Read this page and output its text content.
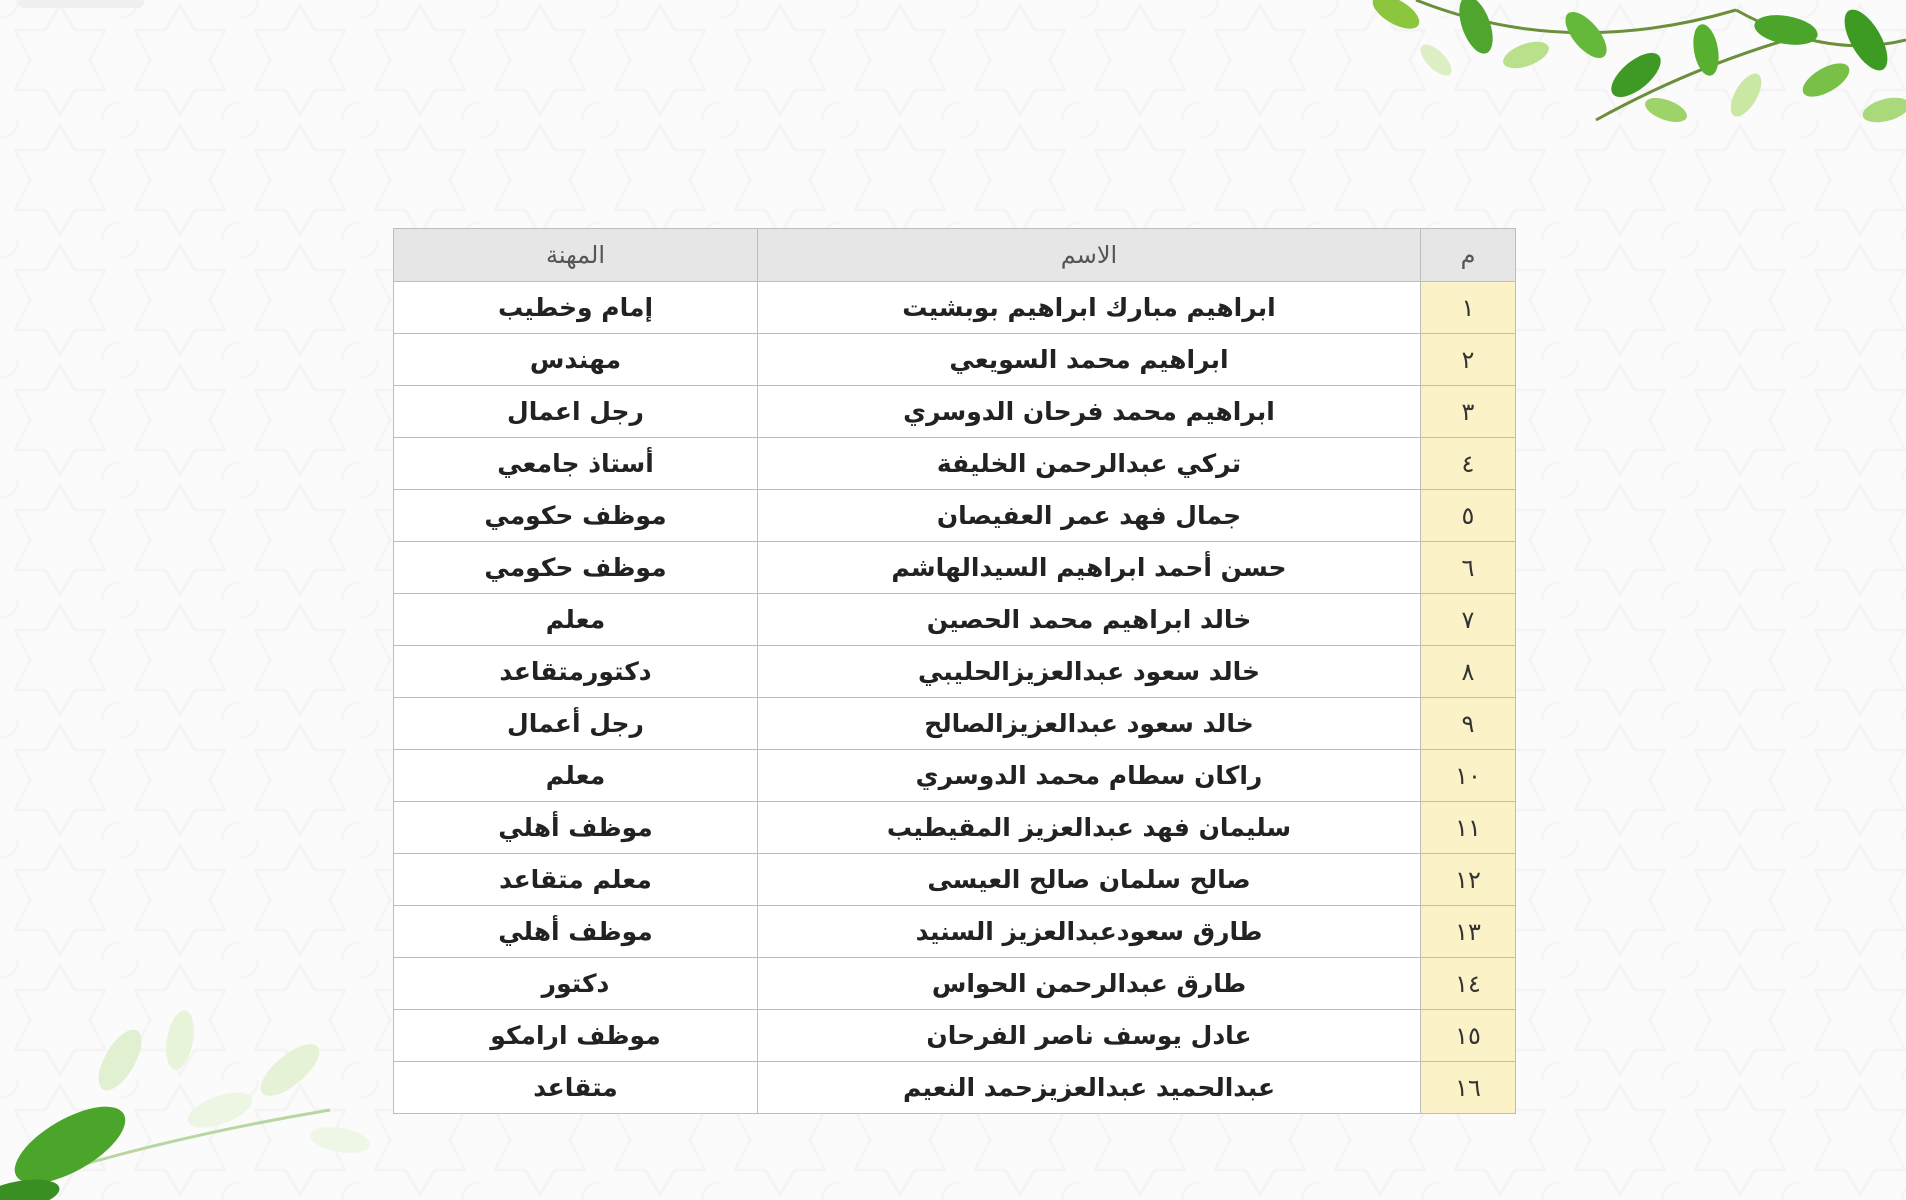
م	الاسم	المهنة
١	ابراهيم مبارك ابراهيم بوبشيت	إمام وخطيب
٢	ابراهيم محمد السويعي	مهندس
٣	ابراهيم محمد فرحان الدوسري	رجل اعمال
٤	تركي عبدالرحمن الخليفة	أستاذ جامعي
٥	جمال فهد عمر العفيصان	موظف حكومي
٦	حسن أحمد ابراهيم السيدالهاشم	موظف حكومي
٧	خالد ابراهيم محمد الحصين	معلم
٨	خالد سعود عبدالعزيزالحليبي	دكتورمتقاعد
٩	خالد سعود عبدالعزيزالصالح	رجل أعمال
١٠	راكان سطام محمد الدوسري	معلم
١١	سليمان فهد عبدالعزيز المقيطيب	موظف أهلي
١٢	صالح سلمان صالح العيسى	معلم متقاعد
١٣	طارق سعودعبدالعزيز السنيد	موظف أهلي
١٤	طارق عبدالرحمن الحواس	دكتور
١٥	عادل يوسف ناصر الفرحان	موظف ارامكو
١٦	عبدالحميد عبدالعزيزحمد النعيم	متقاعد
